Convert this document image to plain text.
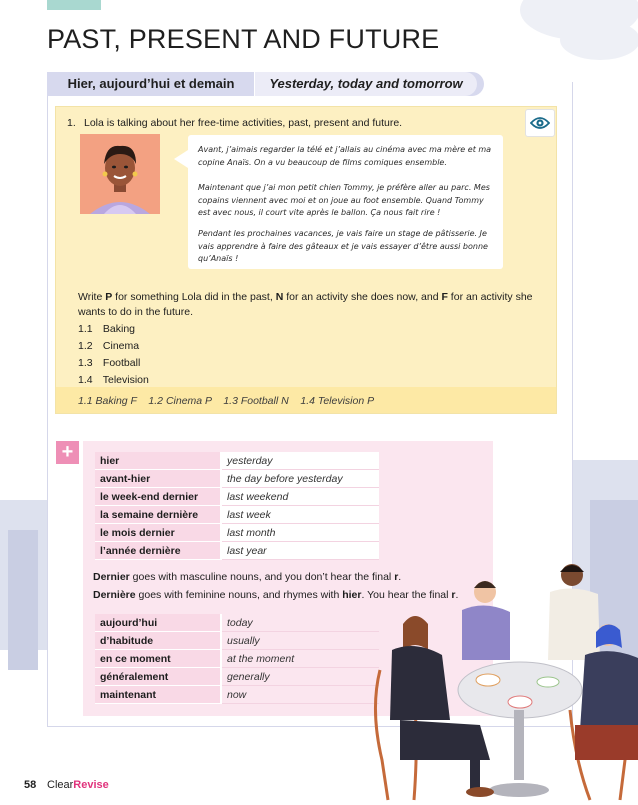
PAST, PRESENT AND FUTURE
Hier, aujourd’hui et demain	Yesterday, today and tomorrow
1. Lola is talking about her free-time activities, past, present and future.

Avant, j’aimais regarder la télé et j’allais au cinéma avec ma mère et ma copine Anaïs. On a vu beaucoup de films comiques ensemble.

Maintenant que j’ai mon petit chien Tommy, je préfère aller au parc. Mes copains viennent avec moi et on joue au foot ensemble. Quand Tommy est avec nous, il court vite après le ballon. Ça nous fait rire !

Pendant les prochaines vacances, je vais faire un stage de pâtisserie. Je vais apprendre à faire des gâteaux et je vais essayer d’être aussi bonne qu’Anaïs !

Write P for something Lola did in the past, N for an activity she does now, and F for an activity she wants to do in the future.

1.1 Baking
1.2 Cinema
1.3 Football
1.4 Television
1.1 Baking F    1.2 Cinema P    1.3 Football N    1.4 Television P
+	hier	yesterday
avant-hier	the day before yesterday
le week-end dernier	last weekend
la semaine dernière	last week
le mois dernier	last month
l’année dernière	last year
Dernier goes with masculine nouns, and you don’t hear the final r.
Dernière goes with feminine nouns, and rhymes with hier. You hear the final r.
aujourd’hui	today
d’habitude	usually
en ce moment	at the moment
généralement	generally
maintenant	now
58 ClearRevise
